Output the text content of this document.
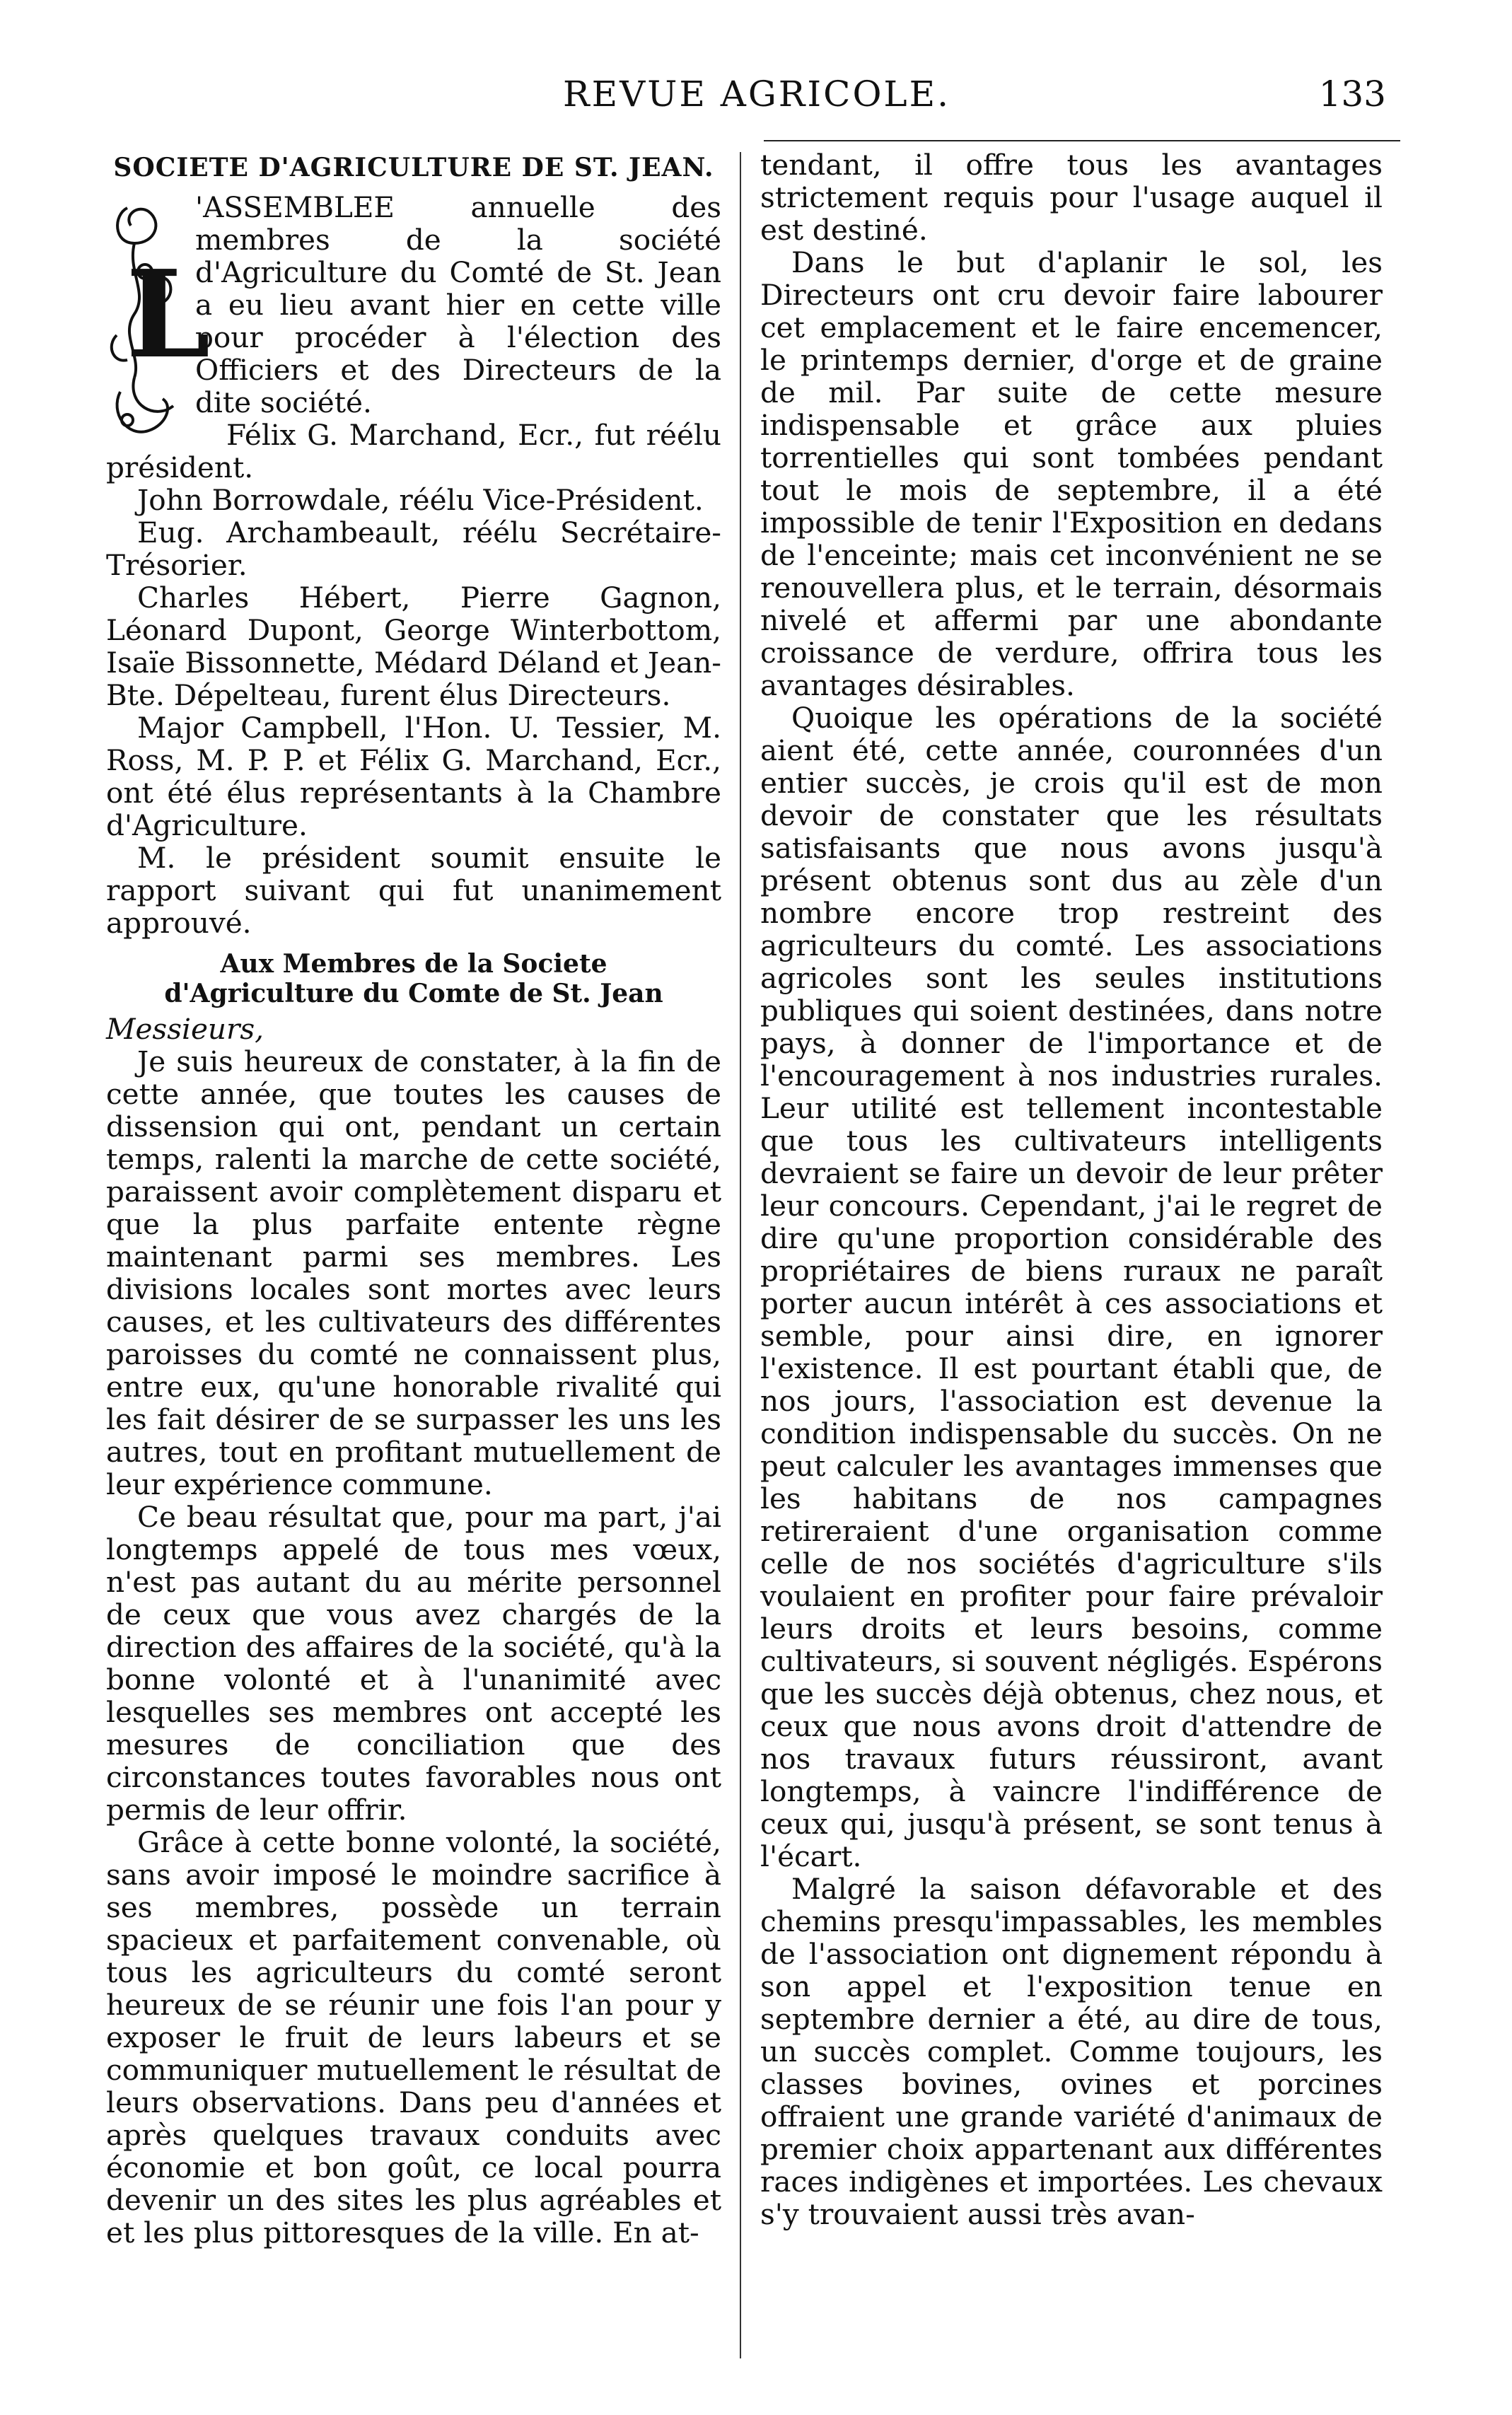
REVUE AGRICOLE.	133
SOCIETE D'AGRICULTURE DE ST. JEAN.

L
'ASSEMBLEE annuelle des membres de la société d'Agriculture du Comté de St. Jean a eu lieu avant hier en cette ville pour procéder à l'élection des Officiers et des Directeurs de la dite société.

Félix G. Marchand, Ecr., fut réélu président.

John Borrowdale, réélu Vice-Président.

Eug. Archambeault, réélu Secrétaire-Trésorier.

Charles Hébert, Pierre Gagnon, Léonard Dupont, George Winterbottom, Isaïe Bissonnette, Médard Déland et Jean-Bte. Dépelteau, furent élus Directeurs.

Major Campbell, l'Hon. U. Tessier, M. Ross, M. P. P. et Félix G. Marchand, Ecr., ont été élus représentants à la Chambre d'Agriculture.

M. le président soumit ensuite le rapport suivant qui fut unanimement approuvé.

Aux Membres de la Societe d'Agriculture du Comte de St. Jean

Messieurs,

Je suis heureux de constater, à la fin de cette année, que toutes les causes de dissension qui ont, pendant un certain temps, ralenti la marche de cette société, paraissent avoir complètement disparu et que la plus parfaite entente règne maintenant parmi ses membres. Les divisions locales sont mortes avec leurs causes, et les cultivateurs des différentes paroisses du comté ne connaissent plus, entre eux, qu'une honorable rivalité qui les fait désirer de se surpasser les uns les autres, tout en profitant mutuellement de leur expérience commune.

Ce beau résultat que, pour ma part, j'ai longtemps appelé de tous mes vœux, n'est pas autant du au mérite personnel de ceux que vous avez chargés de la direction des affaires de la société, qu'à la bonne volonté et à l'unanimité avec lesquelles ses membres ont accepté les mesures de conciliation que des circonstances toutes favorables nous ont permis de leur offrir.

Grâce à cette bonne volonté, la société, sans avoir imposé le moindre sacrifice à ses membres, possède un terrain spacieux et parfaitement convenable, où tous les agriculteurs du comté seront heureux de se réunir une fois l'an pour y exposer le fruit de leurs labeurs et se communiquer mutuellement le résultat de leurs observations. Dans peu d'années et après quelques travaux conduits avec économie et bon goût, ce local pourra devenir un des sites les plus agréables et et les plus pittoresques de la ville. En at-

tendant, il offre tous les avantages strictement requis pour l'usage auquel il est destiné.

Dans le but d'aplanir le sol, les Directeurs ont cru devoir faire labourer cet emplacement et le faire encemencer, le printemps dernier, d'orge et de graine de mil. Par suite de cette mesure indispensable et grâce aux pluies torrentielles qui sont tombées pendant tout le mois de septembre, il a été impossible de tenir l'Exposition en dedans de l'enceinte; mais cet inconvénient ne se renouvellera plus, et le terrain, désormais nivelé et affermi par une abondante croissance de verdure, offrira tous les avantages désirables.

Quoique les opérations de la société aient été, cette année, couronnées d'un entier succès, je crois qu'il est de mon devoir de constater que les résultats satisfaisants que nous avons jusqu'à présent obtenus sont dus au zèle d'un nombre encore trop restreint des agriculteurs du comté. Les associations agricoles sont les seules institutions publiques qui soient destinées, dans notre pays, à donner de l'importance et de l'encouragement à nos industries rurales. Leur utilité est tellement incontestable que tous les cultivateurs intelligents devraient se faire un devoir de leur prêter leur concours. Cependant, j'ai le regret de dire qu'une proportion considérable des propriétaires de biens ruraux ne paraît porter aucun intérêt à ces associations et semble, pour ainsi dire, en ignorer l'existence. Il est pourtant établi que, de nos jours, l'association est devenue la condition indispensable du succès. On ne peut calculer les avantages immenses que les habitans de nos campagnes retireraient d'une organisation comme celle de nos sociétés d'agriculture s'ils voulaient en profiter pour faire prévaloir leurs droits et leurs besoins, comme cultivateurs, si souvent négligés. Espérons que les succès déjà obtenus, chez nous, et ceux que nous avons droit d'attendre de nos travaux futurs réussiront, avant longtemps, à vaincre l'indifférence de ceux qui, jusqu'à présent, se sont tenus à l'écart.

Malgré la saison défavorable et des chemins presqu'impassables, les membles de l'association ont dignement répondu à son appel et l'exposition tenue en septembre dernier a été, au dire de tous, un succès complet. Comme toujours, les classes bovines, ovines et porcines offraient une grande variété d'animaux de premier choix appartenant aux différentes races indigènes et importées. Les chevaux s'y trouvaient aussi très avan-
